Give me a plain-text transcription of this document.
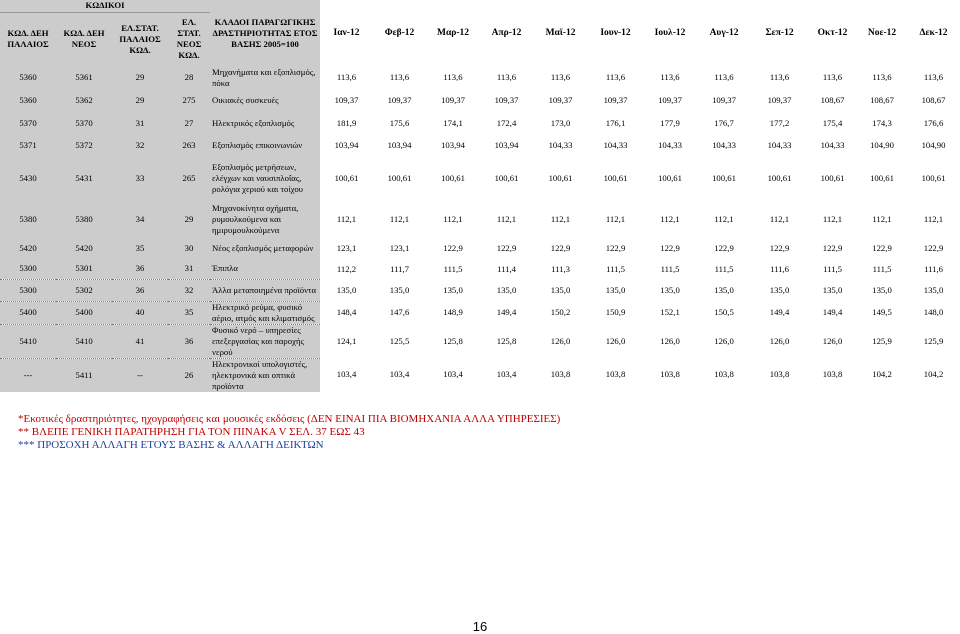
ΚΩΔΙΚΟΙ				ΚΛΑΔΟΙ ΠΑΡΑΓΩΓΙΚΗΣ ΔΡΑΣΤΗΡΙΟΤΗΤΑΣ ΕΤΟΣ ΒΑΣΗΣ 2005=100	Ιαν-12	Φεβ-12	Μαρ-12	Απρ-12	Μαϊ-12	Ιουν-12	Ιουλ-12	Αυγ-12	Σεπ-12	Οκτ-12	Νοε-12	Δεκ-12
ΚΩΔ. ΔΕΗ ΠΑΛΑΙΟΣ	ΚΩΔ. ΔΕΗ ΝΕΟΣ	ΕΛ.ΣΤΑΤ. ΠΑΛΑΙΟΣ ΚΩΔ.	ΕΛ. ΣΤΑΤ. ΝΕΟΣ ΚΩΔ.													
5360	5361	29	28	Μηχανήματα και εξοπλισμός, πόκα	113,6	113,6	113,6	113,6	113,6	113,6	113,6	113,6	113,6	113,6	113,6	113,6
5360	5362	29	275	Οικιακές συσκευές	109,37	109,37	109,37	109,37	109,37	109,37	109,37	109,37	109,37	108,67	108,67	108,67
5370	5370	31	27	Ηλεκτρικός εξοπλισμός	181,9	175,6	174,1	172,4	173,0	176,1	177,9	176,7	177,2	175,4	174,3	176,6
5371	5372	32	263	Εξοπλισμός επικοινωνιών	103,94	103,94	103,94	103,94	104,33	104,33	104,33	104,33	104,33	104,33	104,90	104,90
5430	5431	33	265	Εξοπλισμός μετρήσεων, ελέγχων και ναυσιπλοΐας, ρολόγια χεριού και τοίχου	100,61	100,61	100,61	100,61	100,61	100,61	100,61	100,61	100,61	100,61	100,61	100,61
5380	5380	34	29	Μηχανοκίνητα οχήματα, ρυμουλκούμενα και ημιρυμουλκούμενα	112,1	112,1	112,1	112,1	112,1	112,1	112,1	112,1	112,1	112,1	112,1	112,1
5420	5420	35	30	Νέος εξοπλισμός μεταφορών	123,1	123,1	122,9	122,9	122,9	122,9	122,9	122,9	122,9	122,9	122,9	122,9
5300	5301	36	31	Έπιπλα	112,2	111,7	111,5	111,4	111,3	111,5	111,5	111,5	111,6	111,5	111,5	111,6
5300	5302	36	32	Άλλα μεταποιημένα προϊόντα	135,0	135,0	135,0	135,0	135,0	135,0	135,0	135,0	135,0	135,0	135,0	135,0
5400	5400	40	35	Ηλεκτρικό ρεύμα, φυσικό αέριο, ατμός και κλιματισμός	148,4	147,6	148,9	149,4	150,2	150,9	152,1	150,5	149,4	149,4	149,5	148,0
5410	5410	41	36	Φυσικό νερό – υπηρεσίες επεξεργασίας και παροχής νερού	124,1	125,5	125,8	125,8	126,0	126,0	126,0	126,0	126,0	126,0	125,9	125,9
---	5411	--	26	Ηλεκτρονικοί υπολογιστές, ηλεκτρονικά και οπτικά προϊόντα	103,4	103,4	103,4	103,4	103,8	103,8	103,8	103,8	103,8	103,8	104,2	104,2
*Εκοτικές δραστηριότητες, ηχογραφήσεις και μουσικές εκδόσεις (ΔΕΝ ΕΙΝΑΙ ΠΙΑ ΒΙΟΜΗΧΑΝΙΑ ΑΛΛΑ ΥΠΗΡΕΣΙΕΣ)
** ΒΛΕΠΕ ΓΕΝΙΚΗ ΠΑΡΑΤΗΡΗΣΗ ΓΙΑ ΤΟΝ ΠΙΝΑΚΑ V ΣΕΛ. 37 ΕΩΣ 43
*** ΠΡΟΣΟΧΗ ΑΛΛΑΓΗ ΕΤΟΥΣ ΒΑΣΗΣ & ΑΛΛΑΓΗ ΔΕΙΚΤΩΝ
16
